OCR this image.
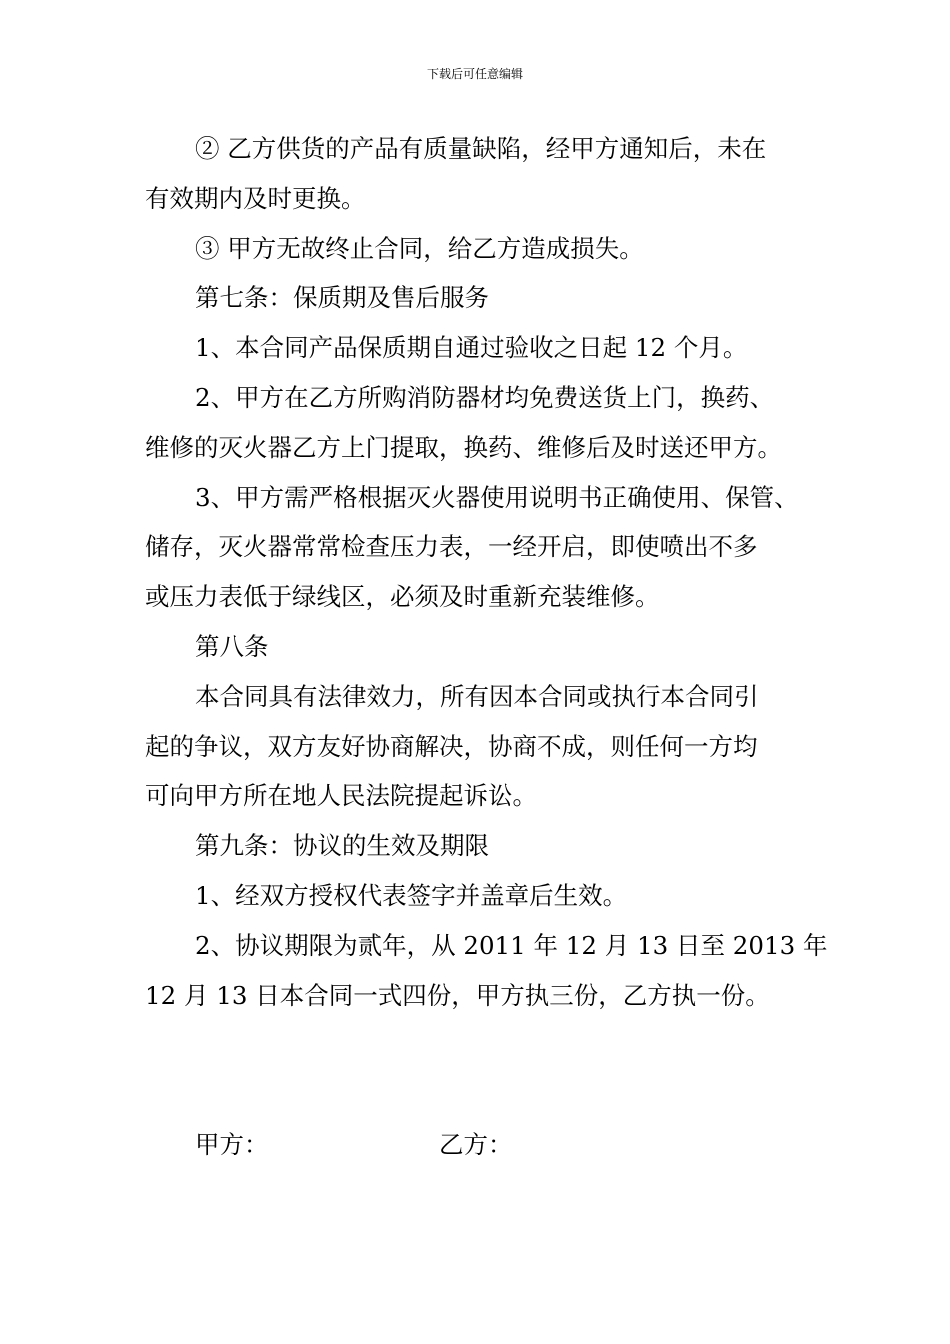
下载后可任意编辑

② 乙方供货的产品有质量缺陷，经甲方通知后，未在

有效期内及时更换。

③ 甲方无故终止合同，给乙方造成损失。

第七条：保质期及售后服务

1、本合同产品保质期自通过验收之日起 12 个月。

2、甲方在乙方所购消防器材均免费送货上门，换药、

维修的灭火器乙方上门提取，换药、维修后及时送还甲方。

3、甲方需严格根据灭火器使用说明书正确使用、保管、

储存，灭火器常常检查压力表，一经开启，即使喷出不多

或压力表低于绿线区，必须及时重新充装维修。

第八条

本合同具有法律效力，所有因本合同或执行本合同引

起的争议，双方友好协商解决，协商不成，则任何一方均

可向甲方所在地人民法院提起诉讼。

第九条：协议的生效及期限

1、经双方授权代表签字并盖章后生效。

2、协议期限为贰年，从 2011 年 12 月 13 日至 2013 年

12 月 13 日本合同一式四份，甲方执三份，乙方执一份。

甲方：	乙方：
